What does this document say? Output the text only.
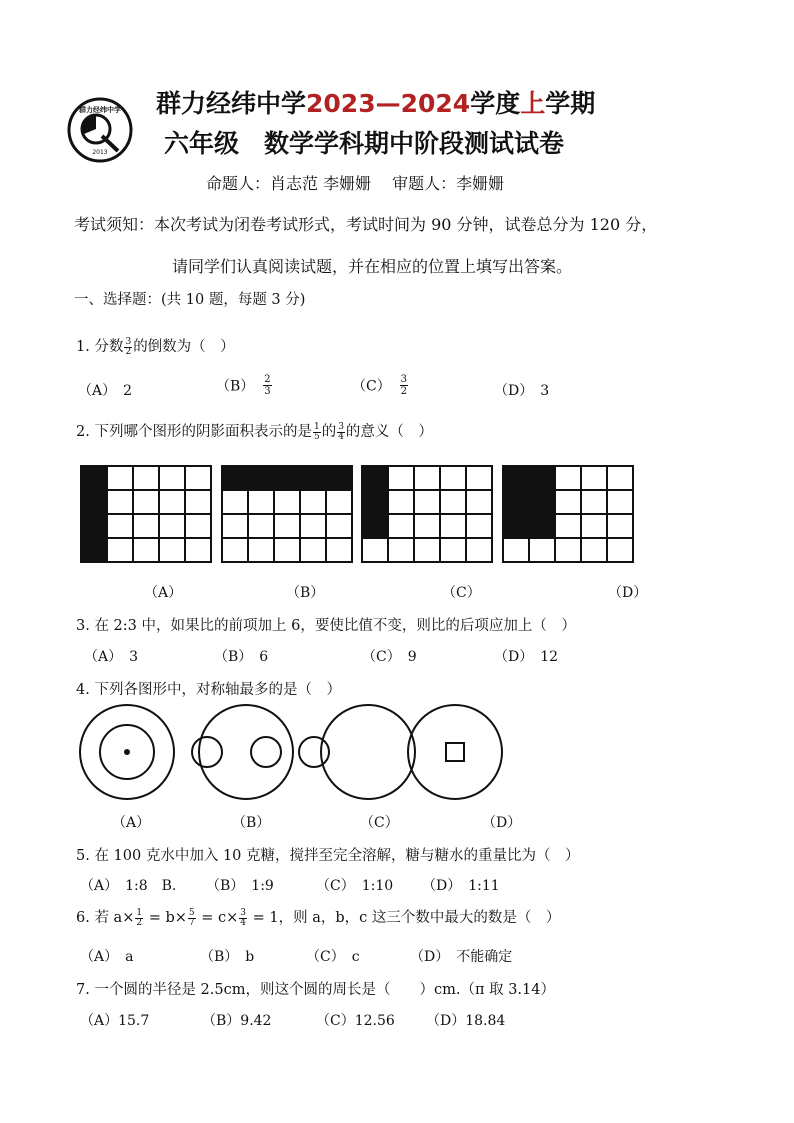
群力经纬中学
2013
群力经纬中学2023—2024学度上学期
六年级　数学学科期中阶段测试试卷
命题人：肖志范 李姗姗　 审题人：李姗姗
考试须知：本次考试为闭卷考试形式，考试时间为 90 分钟，试卷总分为 120 分，
请同学们认真阅读试题，并在相应的位置上填写出答案。
一、选择题：(共 10 题，每题 3 分)
1. 分数 $\frac{3}{2}$ 的倒数为（　）
（A）　2	$(B) \frac{2}{3}$	$(C) \frac{3}{2}$	（D）　3
2. 下列哪个图形的阴影面积表示的是 $\frac{1}{5}$ 的 $\frac{3}{4}$ 的意义（　）

（A）	（B）	（C）	（D）
3. 在 2:3 中，如果比的前项加上 6，要使比值不变，则比的后项应加上（　）
（A）　3	（B）　6	（C）　9	（D）　12
4. 下列各图形中，对称轴最多的是（　）
（A）	（B）	（C）	（D）
5. 在 100 克水中加入 10 克糖，搅拌至完全溶解，糖与糖水的重量比为（　）
（A）　1:8　B. （B）　1:9	（C）　1:10 （D）　1:11
6. 若 $a\times \frac{1}{2} = b\times \frac{5}{7} = c\times \frac{3}{4} = 1$，则 a，b，c 这三个数中最大的数是（　）
（A）　a	（B）　b	（C）　c	（D）　不能确定
7. 一个圆的半径是 2.5cm，则这个圆的周长是（　　）cm.（π 取 3.14）
（A）15.7	（B）9.42	（C）12.56 （D）18.84
